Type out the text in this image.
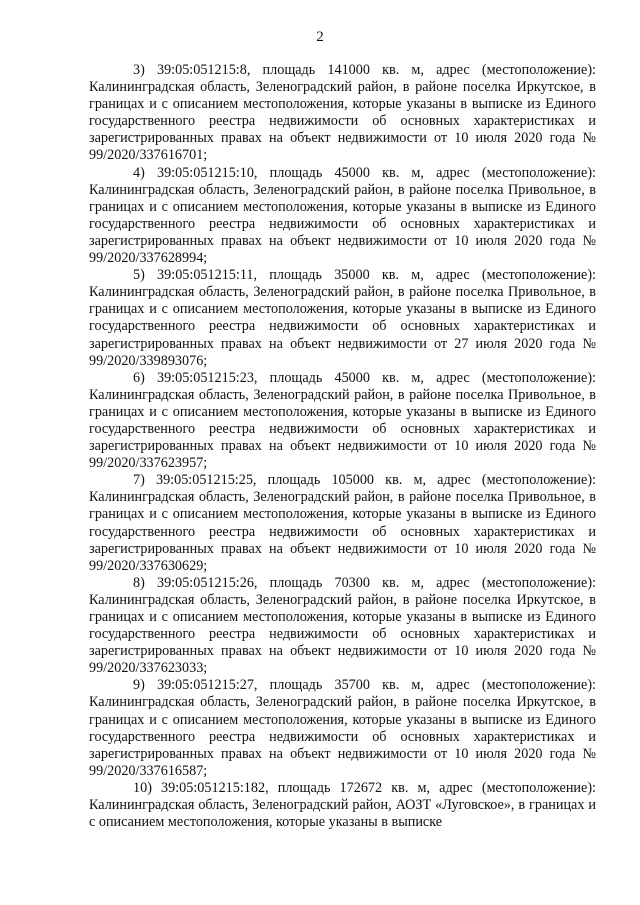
2

3) 39:05:051215:8, площадь 141000 кв. м, адрес (местоположение): Калининградская область, Зеленоградский район, в районе поселка Иркутское, в границах и с описанием местоположения, которые указаны в выписке из Единого государственного реестра недвижимости об основных характеристиках и зарегистрированных правах на объект недвижимости от 10 июля 2020 года № 99/2020/337616701;

4) 39:05:051215:10, площадь 45000 кв. м, адрес (местоположение): Калининградская область, Зеленоградский район, в районе поселка Привольное, в границах и с описанием местоположения, которые указаны в выписке из Единого государственного реестра недвижимости об основных характеристиках и зарегистрированных правах на объект недвижимости от 10 июля 2020 года № 99/2020/337628994;

5) 39:05:051215:11, площадь 35000 кв. м, адрес (местоположение): Калининградская область, Зеленоградский район, в районе поселка Привольное, в границах и с описанием местоположения, которые указаны в выписке из Единого государственного реестра недвижимости об основных характеристиках и зарегистрированных правах на объект недвижимости от 27 июля 2020 года № 99/2020/339893076;

6) 39:05:051215:23, площадь 45000 кв. м, адрес (местоположение): Калининградская область, Зеленоградский район, в районе поселка Привольное, в границах и с описанием местоположения, которые указаны в выписке из Единого государственного реестра недвижимости об основных характеристиках и зарегистрированных правах на объект недвижимости от 10 июля 2020 года № 99/2020/337623957;

7) 39:05:051215:25, площадь 105000 кв. м, адрес (местоположение): Калининградская область, Зеленоградский район, в районе поселка Привольное, в границах и с описанием местоположения, которые указаны в выписке из Единого государственного реестра недвижимости об основных характеристиках и зарегистрированных правах на объект недвижимости от 10 июля 2020 года № 99/2020/337630629;

8) 39:05:051215:26, площадь 70300 кв. м, адрес (местоположение): Калининградская область, Зеленоградский район, в районе поселка Иркутское, в границах и с описанием местоположения, которые указаны в выписке из Единого государственного реестра недвижимости об основных характеристиках и зарегистрированных правах на объект недвижимости от 10 июля 2020 года № 99/2020/337623033;

9) 39:05:051215:27, площадь 35700 кв. м, адрес (местоположение): Калининградская область, Зеленоградский район, в районе поселка Иркутское, в границах и с описанием местоположения, которые указаны в выписке из Единого государственного реестра недвижимости об основных характеристиках и зарегистрированных правах на объект недвижимости от 10 июля 2020 года № 99/2020/337616587;

10) 39:05:051215:182, площадь 172672 кв. м, адрес (местоположение): Калининградская область, Зеленоградский район, АОЗТ «Луговское», в границах и с описанием местоположения, которые указаны в выписке
